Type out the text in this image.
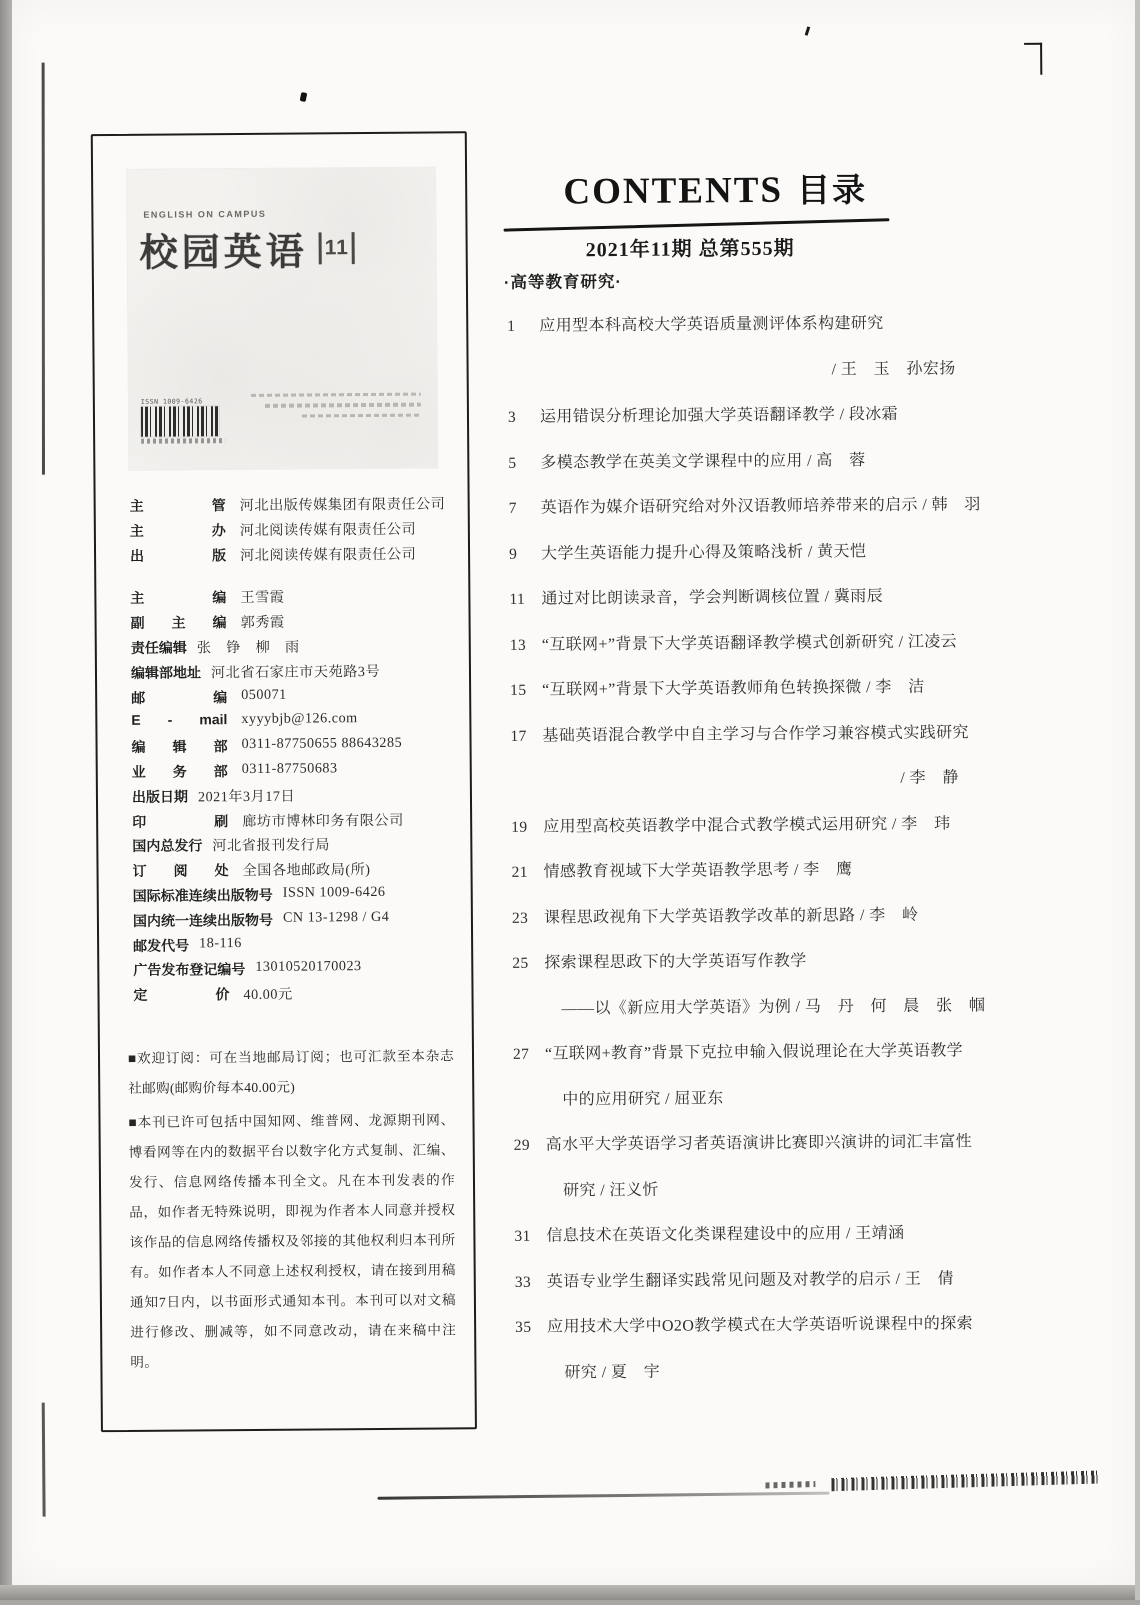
ENGLISH ON CAMPUS
校园英语 11
ISSN 1009-6426
主管 河北出版传媒集团有限责任公司
主办 河北阅读传媒有限责任公司
出版 河北阅读传媒有限责任公司
主编 王雪霞
副主编 郭秀霞
责任编辑 张　铮　柳　雨
编辑部地址 河北省石家庄市天苑路3号
邮编 050071
E - mail xyyybjb@126.com
编辑部 0311-87750655 88643285
业务部 0311-87750683
出版日期 2021年3月17日
印刷 廊坊市博林印务有限公司
国内总发行 河北省报刊发行局
订阅处 全国各地邮政局(所)
国际标准连续出版物号 ISSN 1009-6426
国内统一连续出版物号 CN 13-1298 / G4
邮发代号 18-116
广告发布登记编号 13010520170023
定价 40.00元

■欢迎订阅：可在当地邮局订阅；也可汇款至本杂志社邮购(邮购价每本40.00元)

■本刊已许可包括中国知网、维普网、龙源期刊网、博看网等在内的数据平台以数字化方式复制、汇编、发行、信息网络传播本刊全文。凡在本刊发表的作品，如作者无特殊说明，即视为作者本人同意并授权该作品的信息网络传播权及邻接的其他权利归本刊所有。如作者本人不同意上述权利授权，请在接到用稿通知7日内，以书面形式通知本刊。本刊可以对文稿进行修改、删减等，如不同意改动，请在来稿中注明。

CONTENTS 目录
2021年11期 总第555期
·高等教育研究·
1 应用型本科高校大学英语质量测评体系构建研究
/ 王　玉　孙宏扬
3 运用错误分析理论加强大学英语翻译教学 / 段冰霜
5 多模态教学在英美文学课程中的应用 / 高　蓉
7 英语作为媒介语研究给对外汉语教师培养带来的启示 / 韩　羽
9 大学生英语能力提升心得及策略浅析 / 黄天恺
11 通过对比朗读录音，学会判断调核位置 / 冀雨辰
13 “互联网+”背景下大学英语翻译教学模式创新研究 / 江凌云
15 “互联网+”背景下大学英语教师角色转换探微 / 李　洁
17 基础英语混合教学中自主学习与合作学习兼容模式实践研究
/ 李　静
19 应用型高校英语教学中混合式教学模式运用研究 / 李　玮
21 情感教育视域下大学英语教学思考 / 李　鹰
23 课程思政视角下大学英语教学改革的新思路 / 李　岭
25 探索课程思政下的大学英语写作教学
——以《新应用大学英语》为例 / 马　丹　何　晨　张　帼
27 “互联网+教育”背景下克拉申输入假说理论在大学英语教学
中的应用研究 / 屈亚东
29 高水平大学英语学习者英语演讲比赛即兴演讲的词汇丰富性
研究 / 汪义忻
31 信息技术在英语文化类课程建设中的应用 / 王靖涵
33 英语专业学生翻译实践常见问题及对教学的启示 / 王　倩
35 应用技术大学中O2O教学模式在大学英语听说课程中的探索
研究 / 夏　宇
